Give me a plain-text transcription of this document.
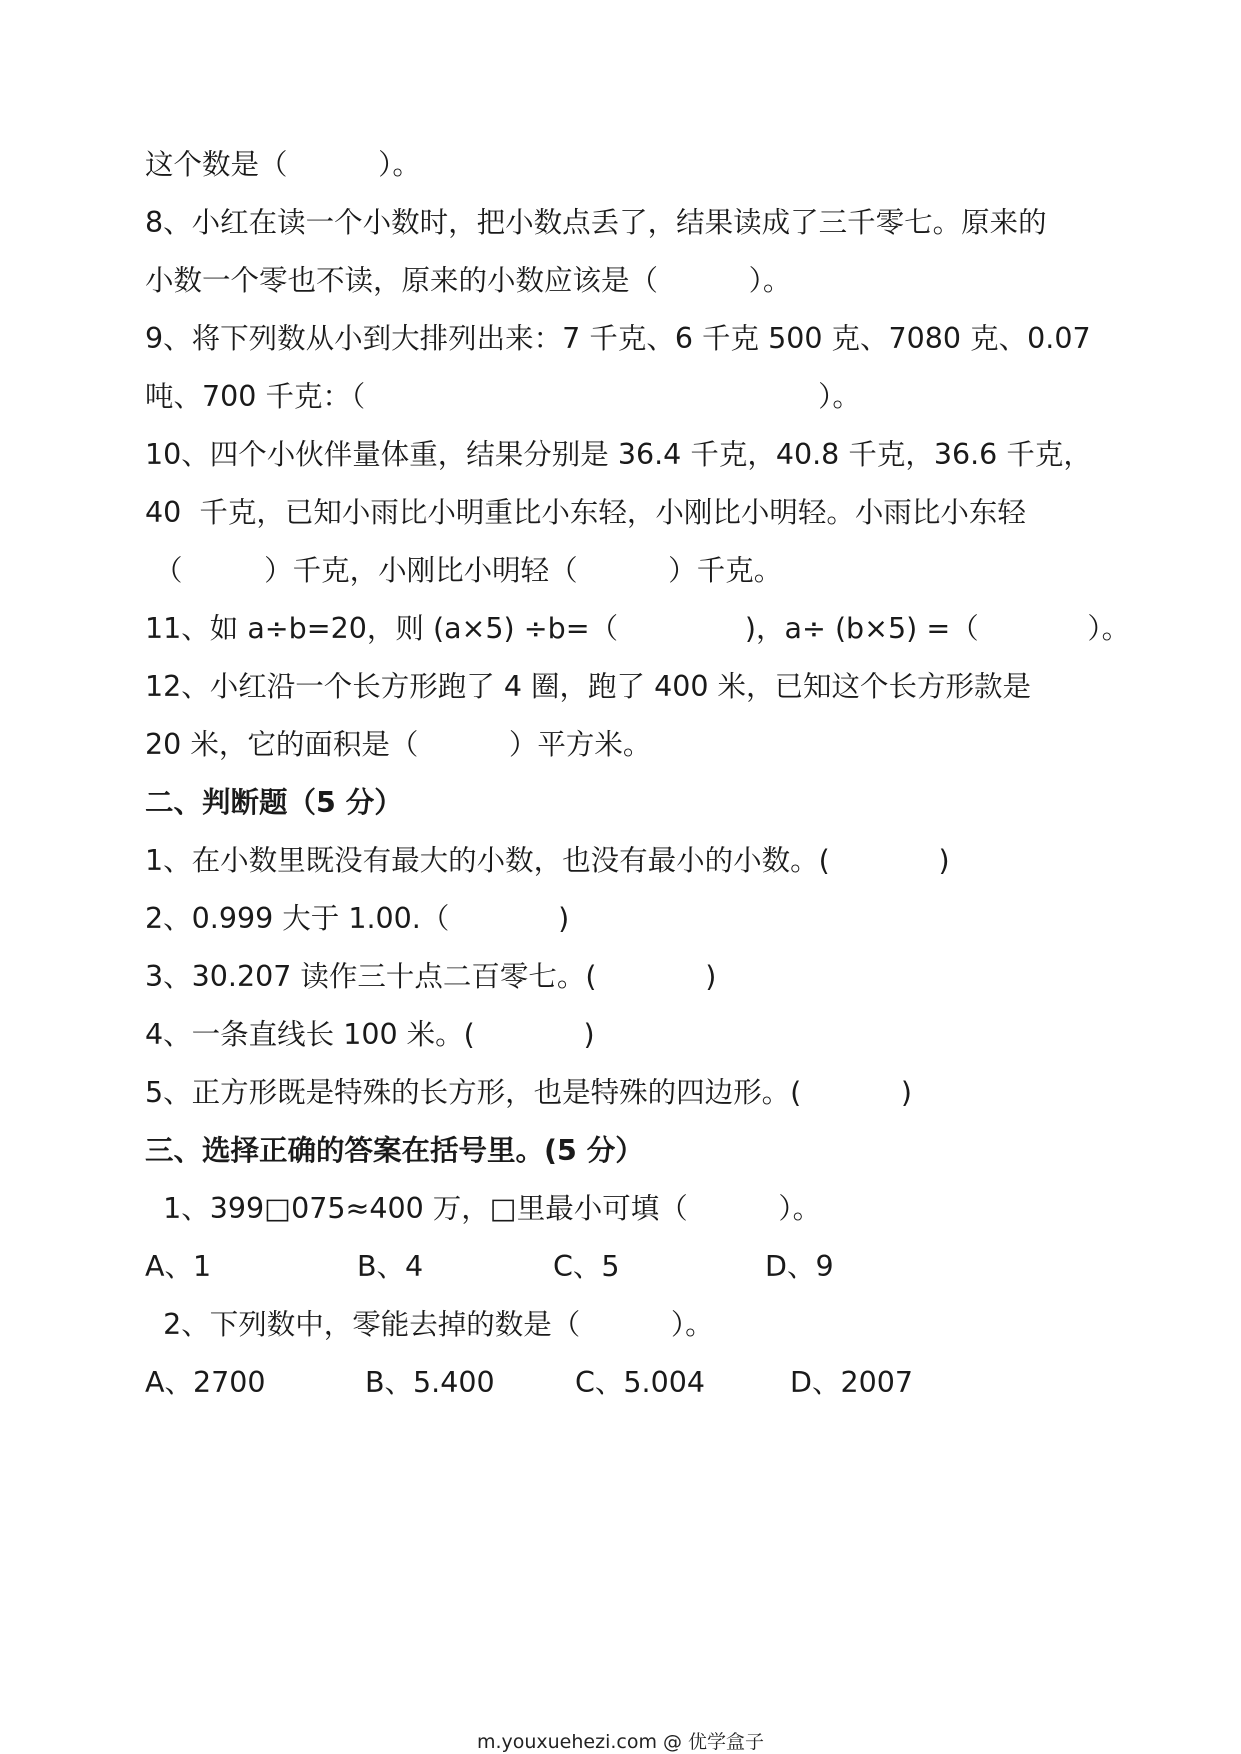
这个数是（          ）。
8、小红在读一个小数时，把小数点丢了，结果读成了三千零七。原来的
小数一个零也不读，原来的小数应该是（          ）。
9、将下列数从小到大排列出来：7 千克、6 千克 500 克、7080 克、0.07
吨、700 千克：（                                                  ）。
10、四个小伙伴量体重，结果分别是 36.4 千克，40.8 千克，36.6 千克，
40  千克，已知小雨比小明重比小东轻，小刚比小明轻。小雨比小东轻
（         ）千克，小刚比小明轻（          ）千克。
11、如 a÷b=20，则 (a×5) ÷b=（              )，a÷ (b×5) =（            ）。
12、小红沿一个长方形跑了 4 圈，跑了 400 米，已知这个长方形款是
20 米，它的面积是（          ）平方米。
二、判断题（5 分）
1、在小数里既没有最大的小数，也没有最小的小数。(            )
2、0.999 大于 1.00.（            )
3、30.207 读作三十点二百零七。(            )
4、一条直线长 100 米。(            )
5、正方形既是特殊的长方形，也是特殊的四边形。(           )
三、选择正确的答案在括号里。(5 分）
1、399□075≈400 万，□里最小可填（          ）。
A、1	B、4	C、5	D、9
2、下列数中，零能去掉的数是（          ）。
A、2700	B、5.400	C、5.004	D、2007
m.youxuehezi.com @ 优学盒子
